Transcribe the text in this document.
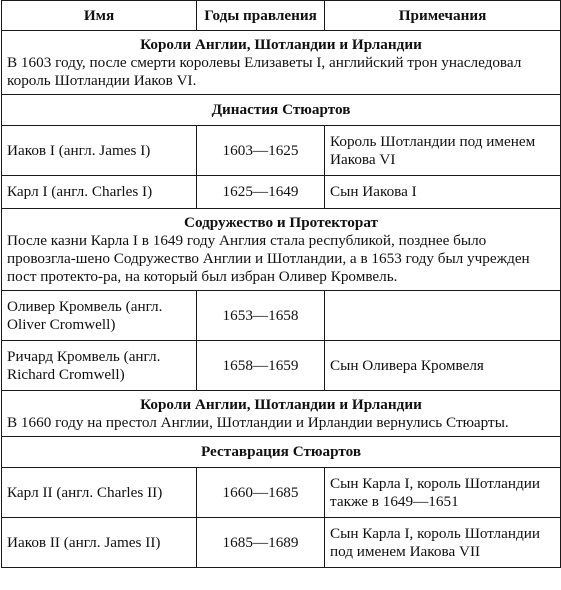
Имя	Годы правления	Примечания

Короли Англии, Шотландии и Ирландии
В 1603 году, после смерти королевы Елизаветы I, английский трон унаследовал король Шотландии Иаков VI.		
Династия Стюартов		
Иаков I (англ. James I)	1603—1625	Король Шотландии под именем Иакова VI
Карл I (англ. Charles I)	1625—1649	Сын Иакова I

Содружество и Протекторат
После казни Карла I в 1649 году Англия стала республикой, позднее было провозгла-шено Содружество Англии и Шотландии, а в 1653 году был учрежден пост протекто-ра, на который был избран Оливер Кромвель.		
Оливер Кромвель (англ. Oliver Cromwell)	1653—1658	
Ричард Кромвель (англ. Richard Cromwell)	1658—1659	Сын Оливера Кромвеля

Короли Англии, Шотландии и Ирландии
В 1660 году на престол Англии, Шотландии и Ирландии вернулись Стюарты.		
Реставрация Стюартов		
Карл II (англ. Charles II)	1660—1685	Сын Карла I, король Шотландии также в 1649—1651
Иаков II (англ. James II)	1685—1689	Сын Карла I, король Шотландии под именем Иакова VII
